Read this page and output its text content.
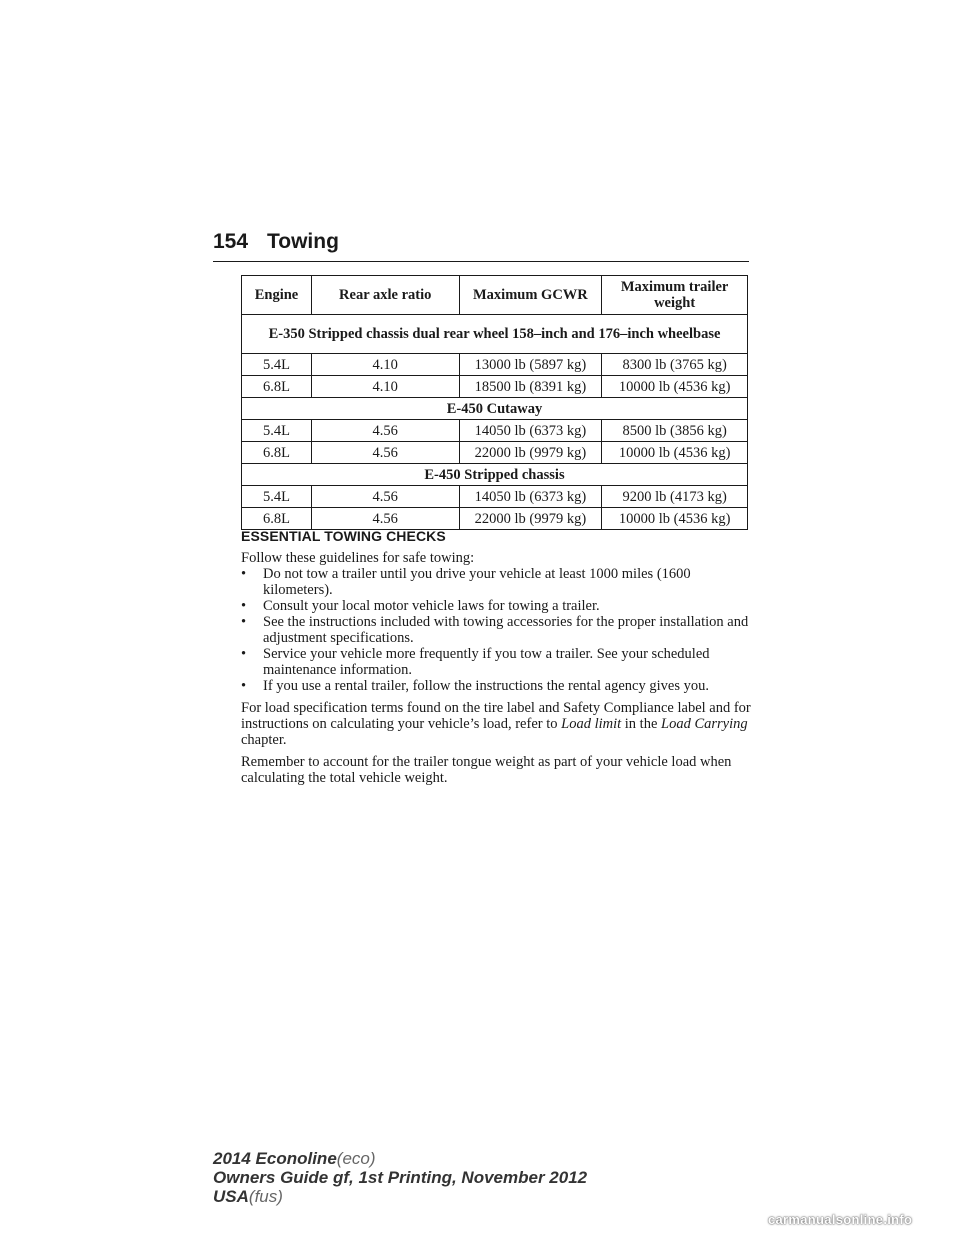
154 Towing
Engine	Rear axle ratio	Maximum GCWR	Maximum trailer weight
E-350 Stripped chassis dual rear wheel 158–inch and 176–inch wheelbase			
5.4L	4.10	13000 lb (5897 kg)	8300 lb (3765 kg)
6.8L	4.10	18500 lb (8391 kg)	10000 lb (4536 kg)
E-450 Cutaway			
5.4L	4.56	14050 lb (6373 kg)	8500 lb (3856 kg)
6.8L	4.56	22000 lb (9979 kg)	10000 lb (4536 kg)
E-450 Stripped chassis			
5.4L	4.56	14050 lb (6373 kg)	9200 lb (4173 kg)
6.8L	4.56	22000 lb (9979 kg)	10000 lb (4536 kg)
ESSENTIAL TOWING CHECKS

Follow these guidelines for safe towing:

• Do not tow a trailer until you drive your vehicle at least 1000 miles (1600 kilometers).
• Consult your local motor vehicle laws for towing a trailer.
• See the instructions included with towing accessories for the proper installation and adjustment specifications.
• Service your vehicle more frequently if you tow a trailer. See your scheduled maintenance information.
• If you use a rental trailer, follow the instructions the rental agency gives you.

For load specification terms found on the tire label and Safety Compliance label and for instructions on calculating your vehicle’s load, refer to Load limit in the Load Carrying chapter.

Remember to account for the trailer tongue weight as part of your vehicle load when calculating the total vehicle weight.

2014 Econoline(eco)
Owners Guide gf, 1st Printing, November 2012
USA(fus)
carmanualsonline.info
